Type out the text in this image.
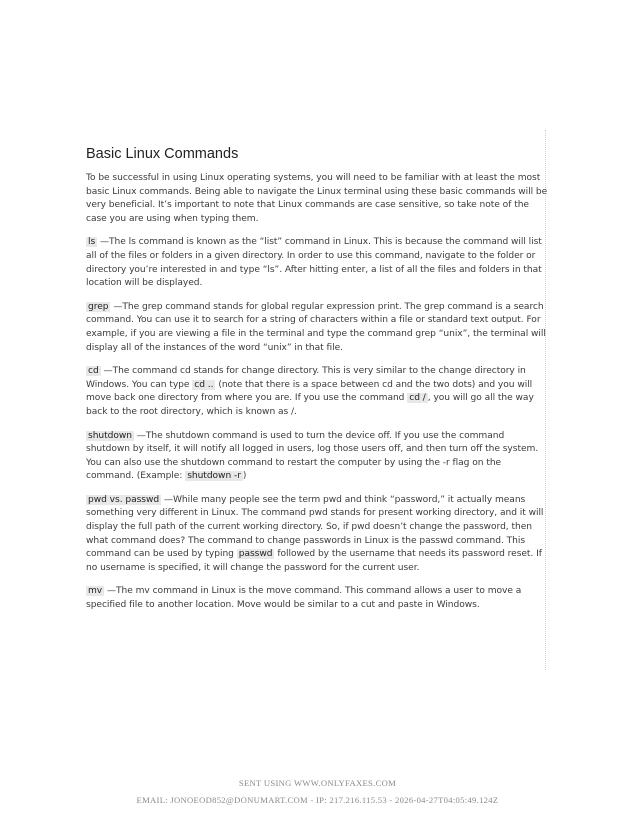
Basic Linux Commands

To be successful in using Linux operating systems, you will need to be familiar with at least the most basic Linux commands. Being able to navigate the Linux terminal using these basic commands will be very beneficial. It’s important to note that Linux commands are case sensitive, so take note of the case you are using when typing them.

ls —The ls command is known as the “list” command in Linux. This is because the command will list all of the files or folders in a given directory. In order to use this command, navigate to the folder or directory you’re interested in and type “ls”. After hitting enter, a list of all the files and folders in that location will be displayed.

grep —The grep command stands for global regular expression print. The grep command is a search command. You can use it to search for a string of characters within a file or standard text output. For example, if you are viewing a file in the terminal and type the command grep “unix”, the terminal will display all of the instances of the word “unix” in that file.

cd —The command cd stands for change directory. This is very similar to the change directory in Windows. You can type cd .. (note that there is a space between cd and the two dots) and you will move back one directory from where you are. If you use the command cd / , you will go all the way back to the root directory, which is known as /.

shutdown —The shutdown command is used to turn the device off. If you use the command shutdown by itself, it will notify all logged in users, log those users off, and then turn off the system. You can also use the shutdown command to restart the computer by using the -r flag on the command. (Example: shutdown -r )

pwd vs. passwd —While many people see the term pwd and think “password,” it actually means something very different in Linux. The command pwd stands for present working directory, and it will display the full path of the current working directory. So, if pwd doesn’t change the password, then what command does? The command to change passwords in Linux is the passwd command. This command can be used by typing passwd followed by the username that needs its password reset. If no username is specified, it will change the password for the current user.

mv —The mv command in Linux is the move command. This command allows a user to move a specified file to another location. Move would be similar to a cut and paste in Windows.

SENT USING WWW.ONLYFAXES.COM
EMAIL: JONOEOD852@DONUMART.COM - IP: 217.216.115.53 - 2026-04-27T04:05:49.124Z
